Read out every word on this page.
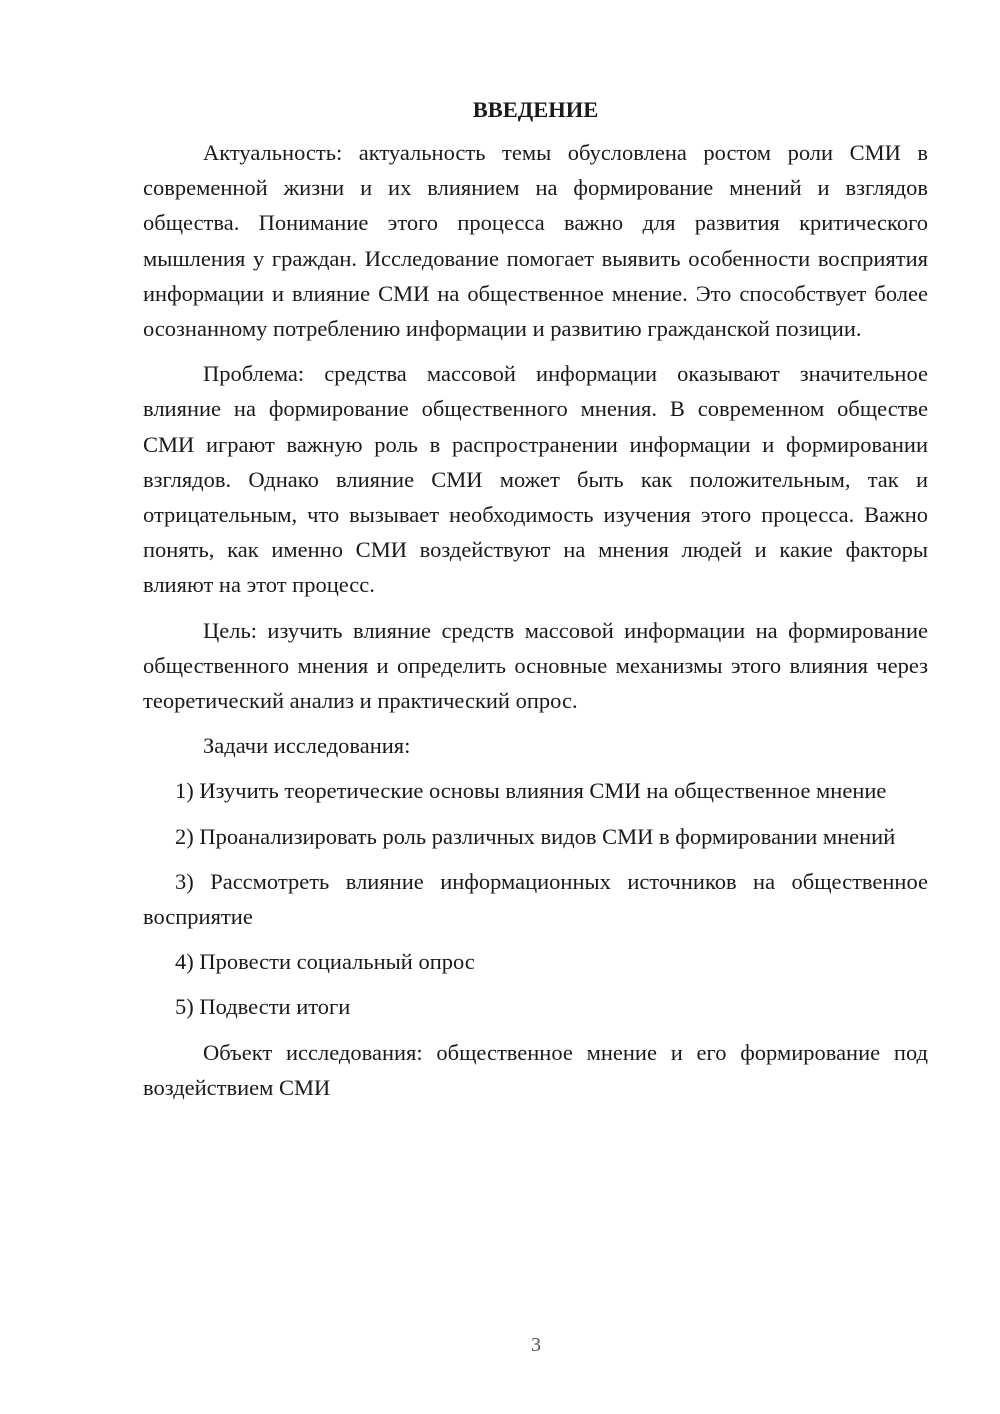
ВВЕДЕНИЕ

Актуальность: актуальность темы обусловлена ростом роли СМИ в современной жизни и их влиянием на формирование мнений и взглядов общества. Понимание этого процесса важно для развития критического мышления у граждан. Исследование помогает выявить особенности восприятия информации и влияние СМИ на общественное мнение. Это способствует более осознанному потреблению информации и развитию гражданской позиции.

Проблема: средства массовой информации оказывают значительное влияние на формирование общественного мнения. В современном обществе СМИ играют важную роль в распространении информации и формировании взглядов. Однако влияние СМИ может быть как положительным, так и отрицательным, что вызывает необходимость изучения этого процесса. Важно понять, как именно СМИ воздействуют на мнения людей и какие факторы влияют на этот процесс.

Цель: изучить влияние средств массовой информации на формирование общественного мнения и определить основные механизмы этого влияния через теоретический анализ и практический опрос.

Задачи исследования:

1) Изучить теоретические основы влияния СМИ на общественное мнение

2) Проанализировать роль различных видов СМИ в формировании мнений

3) Рассмотреть влияние информационных источников на общественное восприятие

4) Провести социальный опрос

5) Подвести итоги

Объект исследования: общественное мнение и его формирование под воздействием СМИ

3
